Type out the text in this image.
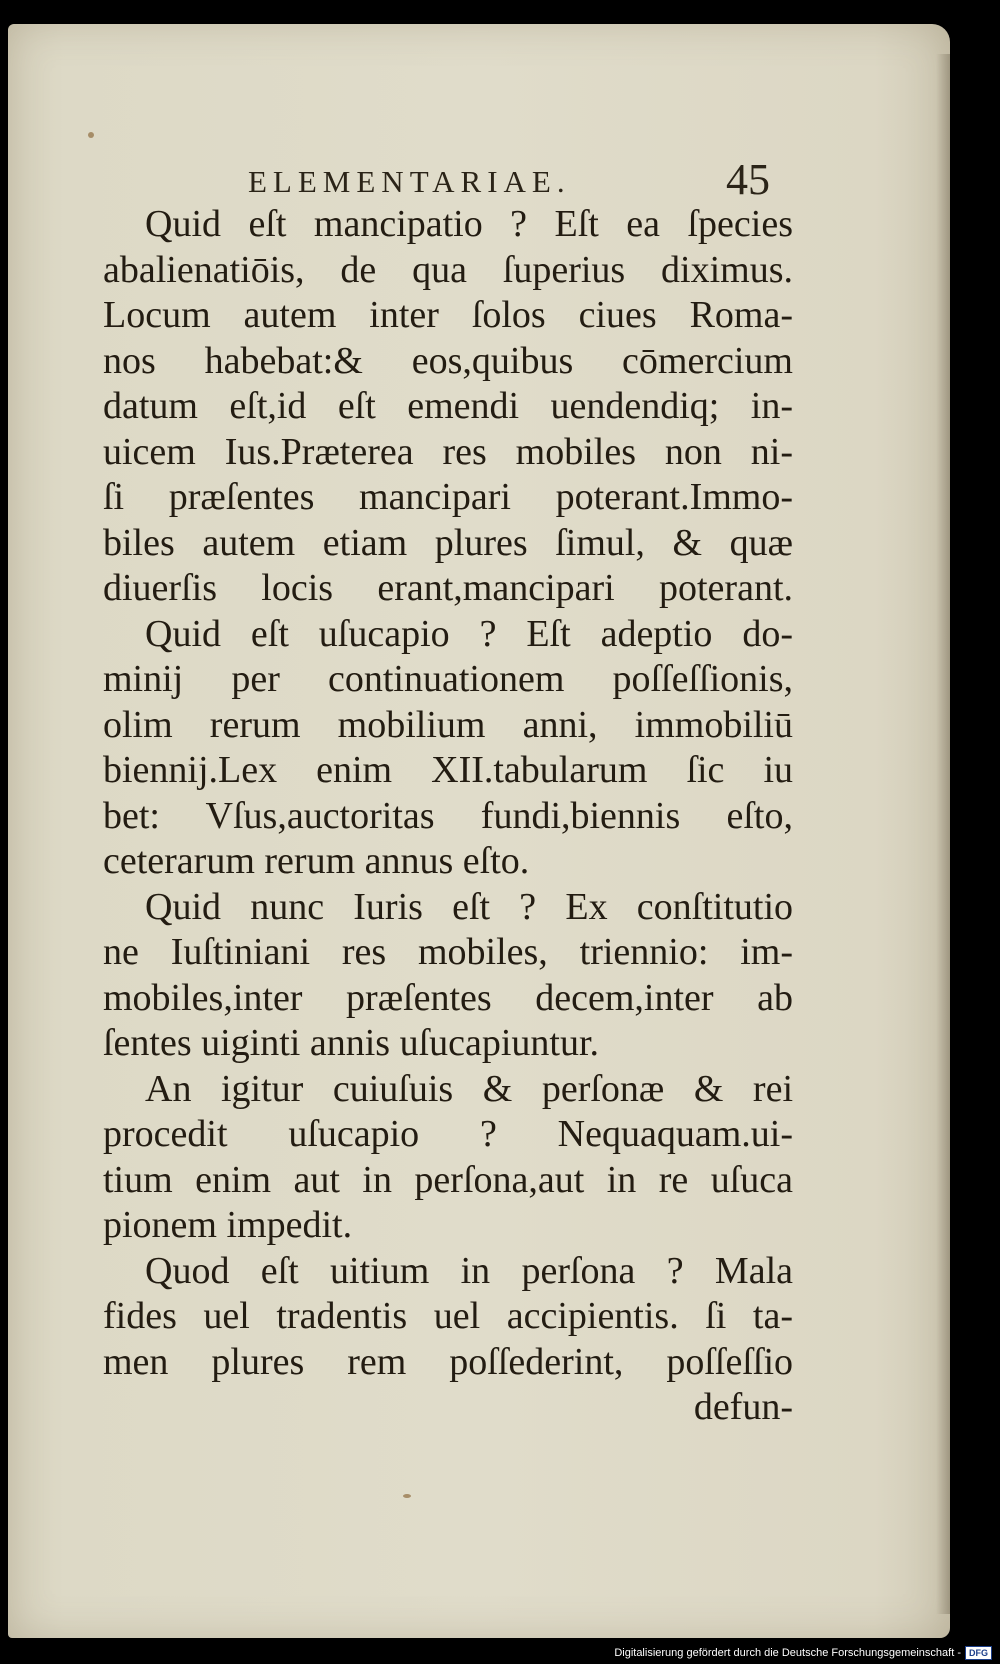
ELEMENTARIAE.	45
Quid eſt mancipatio ? Eſt ea ſpecies
abalienatiōis, de qua ſuperius diximus.
Locum autem inter ſolos ciues Roma-
nos habebat:& eos,quibus cōmercium
datum eſt,id eſt emendi uendendiq; in-
uicem Ius.Præterea res mobiles non ni-
ſi præſentes mancipari poterant.Immo-
biles autem etiam plures ſimul, & quæ
diuerſis locis erant,mancipari poterant.
Quid eſt uſucapio ? Eſt adeptio do-
minij per continuationem poſſeſſionis,
olim rerum mobilium anni, immobiliū
biennij.Lex enim XII.tabularum ſic iu
bet: Vſus,auctoritas fundi,biennis eſto,
ceterarum rerum annus eſto.
Quid nunc Iuris eſt ? Ex conſtitutio
ne Iuſtiniani res mobiles, triennio: im-
mobiles,inter præſentes decem,inter ab
ſentes uiginti annis uſucapiuntur.
An igitur cuiuſuis & perſonæ & rei
procedit uſucapio ? Nequaquam.ui-
tium enim aut in perſona,aut in re uſuca
pionem impedit.
Quod eſt uitium in perſona ? Mala
fides uel tradentis uel accipientis. ſi ta-
men plures rem poſſederint, poſſeſſio
defun-
Digitalisierung gefördert durch die Deutsche Forschungsgemeinschaft - DFG
